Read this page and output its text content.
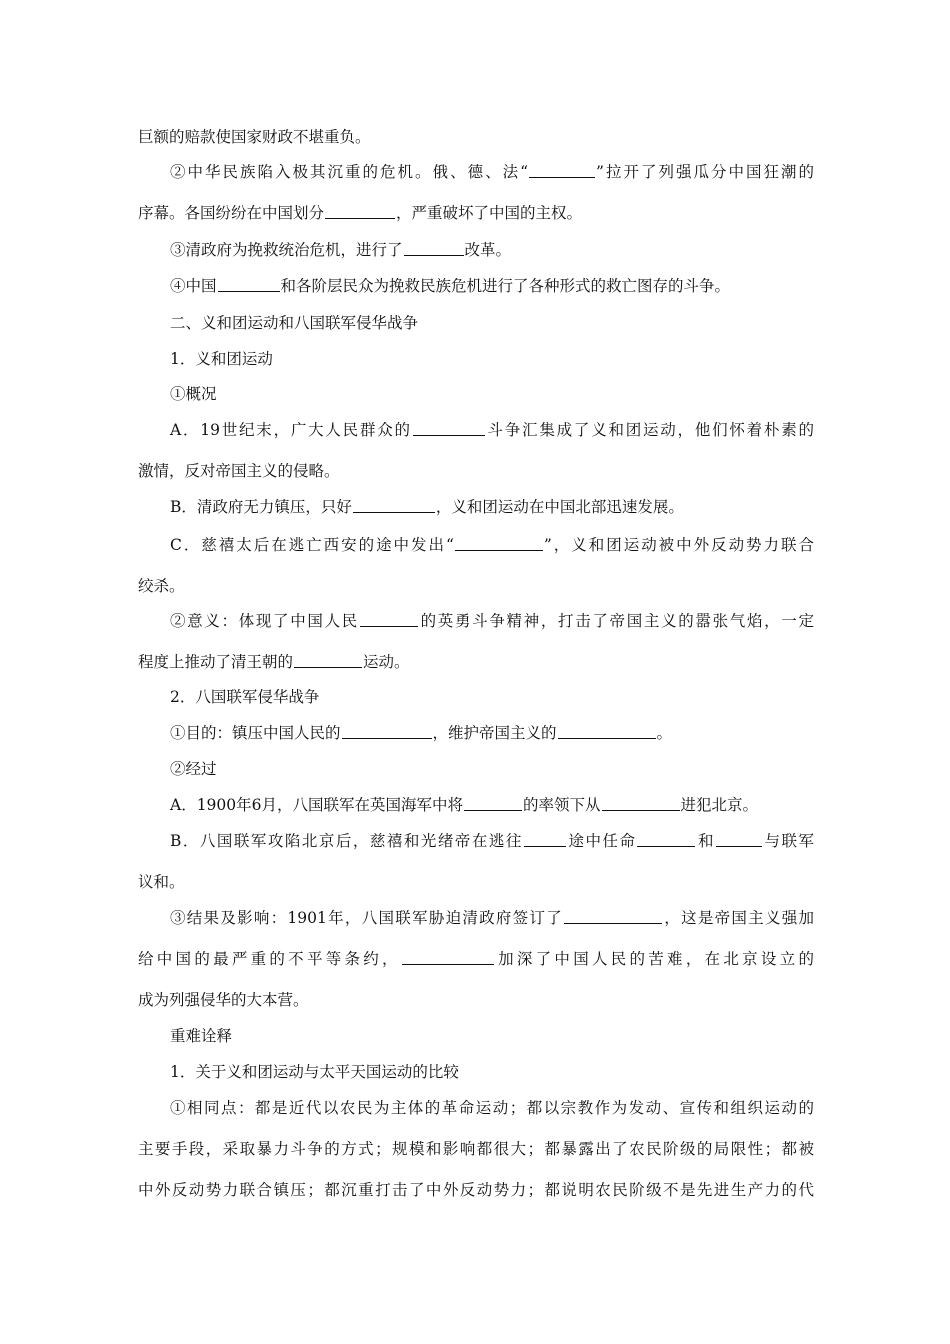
巨额的赔款使国家财政不堪重负。
②中华民族陷入极其沉重的危机。俄、德、法“	”拉开了列强瓜分中国狂潮的
序幕。各国纷纷在中国划分	，严重破坏了中国的主权。
③清政府为挽救统治危机，进行了	改革。
④中国	和各阶层民众为挽救民族危机进行了各种形式的救亡图存的斗争。
二、义和团运动和八国联军侵华战争
1．义和团运动
①概况
A．19世纪末，广大人民群众的	斗争汇集成了义和团运动，他们怀着朴素的
激情，反对帝国主义的侵略。
B．清政府无力镇压，只好	，义和团运动在中国北部迅速发展。
C．慈禧太后在逃亡西安的途中发出“	”，义和团运动被中外反动势力联合
绞杀。
②意义：体现了中国人民	的英勇斗争精神，打击了帝国主义的嚣张气焰，一定
程度上推动了清王朝的	运动。
2．八国联军侵华战争
①目的：镇压中国人民的	，维护帝国主义的	。
②经过
A．1900年6月，八国联军在英国海军中将	的率领下从	进犯北京。
B．八国联军攻陷北京后，慈禧和光绪帝在逃往	途中任命	和	与联军
议和。
③结果及影响：1901年，八国联军胁迫清政府签订了	，这是帝国主义强加
给中国的最严重的不平等条约，	加深了中国人民的苦难，在北京设立的
成为列强侵华的大本营。
重难诠释
1．关于义和团运动与太平天国运动的比较
①相同点：都是近代以农民为主体的革命运动；都以宗教作为发动、宣传和组织运动的
主要手段，采取暴力斗争的方式；规模和影响都很大；都暴露出了农民阶级的局限性；都被
中外反动势力联合镇压；都沉重打击了中外反动势力；都说明农民阶级不是先进生产力的代
